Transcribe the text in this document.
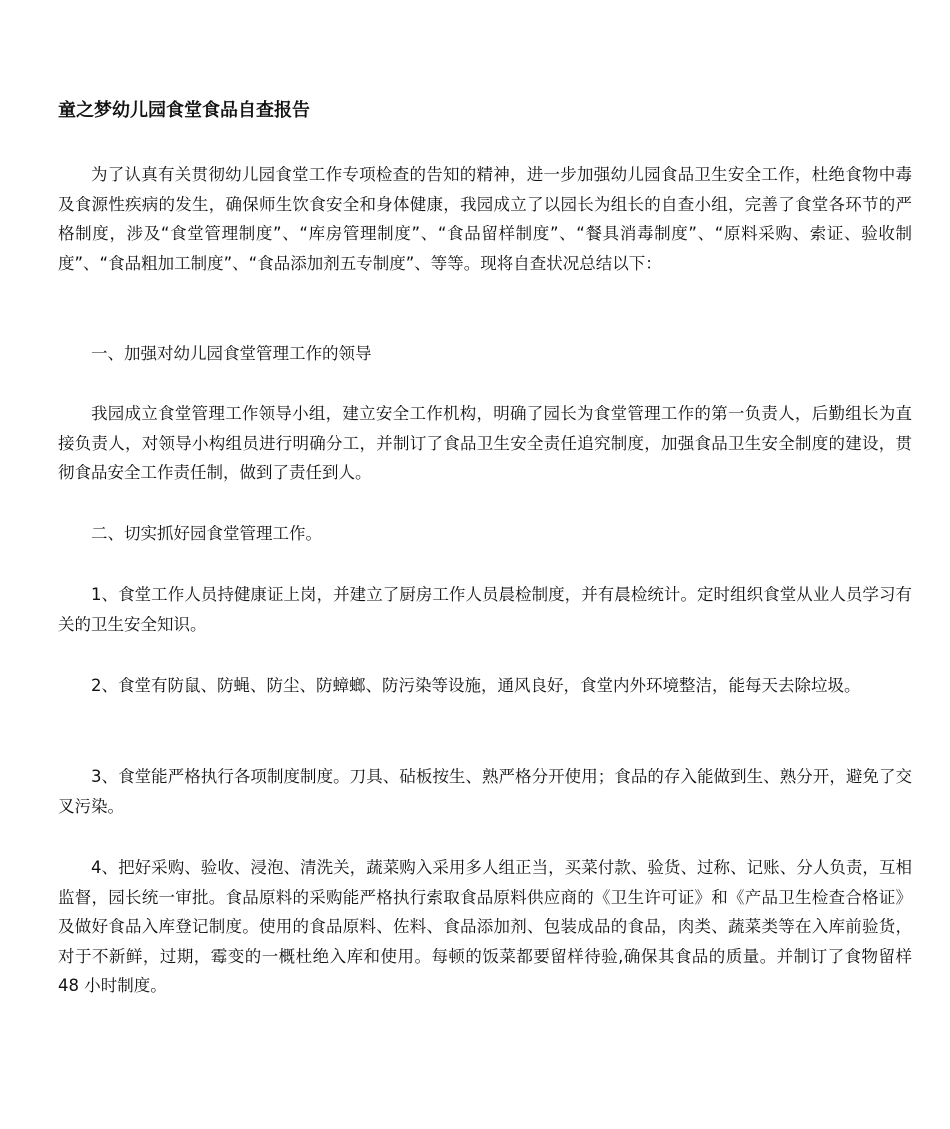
童之梦幼儿园食堂食品自查报告

为了认真有关贯彻幼儿园食堂工作专项检查的告知的精神，进一步加强幼儿园食品卫生安全工作，杜绝食物中毒及食源性疾病的发生，确保师生饮食安全和身体健康，我园成立了以园长为组长的自查小组，完善了食堂各环节的严格制度，涉及“食堂管理制度”、“库房管理制度”、“食品留样制度”、“餐具消毒制度”、“原料采购、索证、验收制度”、“食品粗加工制度”、“食品添加剂五专制度”、等等。现将自查状况总结以下：

一、加强对幼儿园食堂管理工作的领导

我园成立食堂管理工作领导小组，建立安全工作机构，明确了园长为食堂管理工作的第一负责人，后勤组长为直接负责人，对领导小构组员进行明确分工，并制订了食品卫生安全责任追究制度，加强食品卫生安全制度的建设，贯彻食品安全工作责任制，做到了责任到人。

二、切实抓好园食堂管理工作。

1、食堂工作人员持健康证上岗，并建立了厨房工作人员晨检制度，并有晨检统计。定时组织食堂从业人员学习有关的卫生安全知识。

2、食堂有防鼠、防蝇、防尘、防蟑螂、防污染等设施，通风良好，食堂内外环境整洁，能每天去除垃圾。

3、食堂能严格执行各项制度制度。刀具、砧板按生、熟严格分开使用；食品的存入能做到生、熟分开，避免了交叉污染。

4、把好采购、验收、浸泡、清洗关，蔬菜购入采用多人组正当，买菜付款、验货、过称、记账、分人负责，互相监督，园长统一审批。食品原料的采购能严格执行索取食品原料供应商的《卫生许可证》和《产品卫生检查合格证》及做好食品入库登记制度。使用的食品原料、佐料、食品添加剂、包装成品的食品，肉类、蔬菜类等在入库前验货，对于不新鲜，过期，霉变的一概杜绝入库和使用。每顿的饭菜都要留样待验,确保其食品的质量。并制订了食物留样 48 小时制度。
